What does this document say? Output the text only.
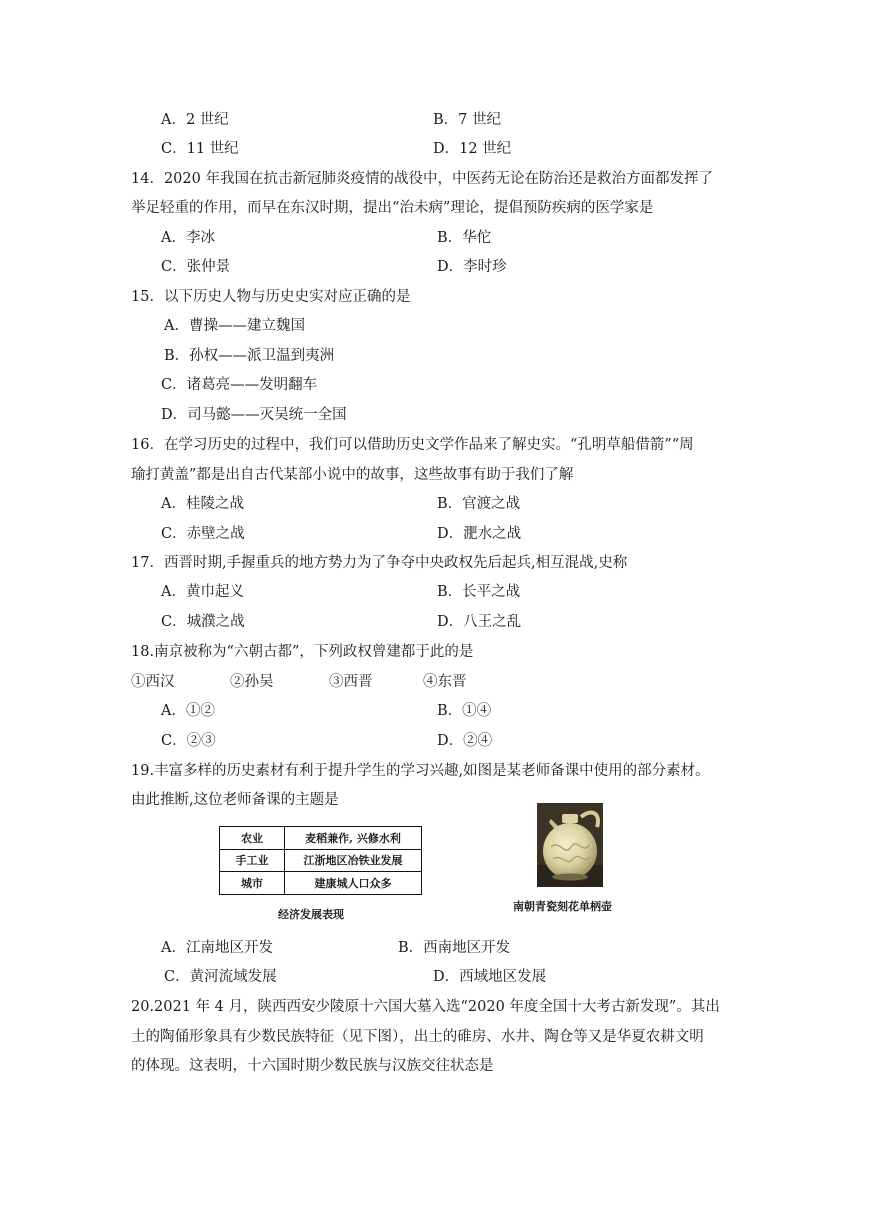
A．2 世纪	B．7 世纪
C．11 世纪	D．12 世纪
14．2020 年我国在抗击新冠肺炎疫情的战役中，中医药无论在防治还是救治方面都发挥了
举足轻重的作用，而早在东汉时期，提出“治未病”理论，提倡预防疾病的医学家是
A．李冰	B．华佗
C．张仲景	D．李时珍
15．以下历史人物与历史史实对应正确的是
A．曹操——建立魏国
B．孙权——派卫温到夷洲
C．诸葛亮——发明翻车
D．司马懿——灭吴统一全国
16．在学习历史的过程中，我们可以借助历史文学作品来了解史实。“孔明草船借箭”“周
瑜打黄盖”都是出自古代某部小说中的故事，这些故事有助于我们了解
A．桂陵之战	B．官渡之战
C．赤壁之战	D．淝水之战
17．西晋时期,手握重兵的地方势力为了争夺中央政权先后起兵,相互混战,史称
A．黄巾起义	B．长平之战
C．城濮之战	D．八王之乱
18.南京被称为“六朝古都”，下列政权曾建都于此的是
①西汉	②孙吴	③西晋	④东晋
A．①②	B．①④
C．②③	D．②④
19.丰富多样的历史素材有利于提升学生的学习兴趣,如图是某老师备课中使用的部分素材。
由此推断,这位老师备课的主题是
农业	麦稻兼作, 兴修水利
手工业	江浙地区冶铁业发展
城市	建康城人口众多
经济发展表现
南朝青瓷刻花单柄壶
A．江南地区开发	B．西南地区开发
C．黄河流域发展	D．西域地区发展
20.2021 年 4 月，陕西西安少陵原十六国大墓入选“2020 年度全国十大考古新发现”。其出
土的陶俑形象具有少数民族特征（见下图），出土的碓房、水井、陶仓等又是华夏农耕文明
的体现。这表明，十六国时期少数民族与汉族交往状态是
